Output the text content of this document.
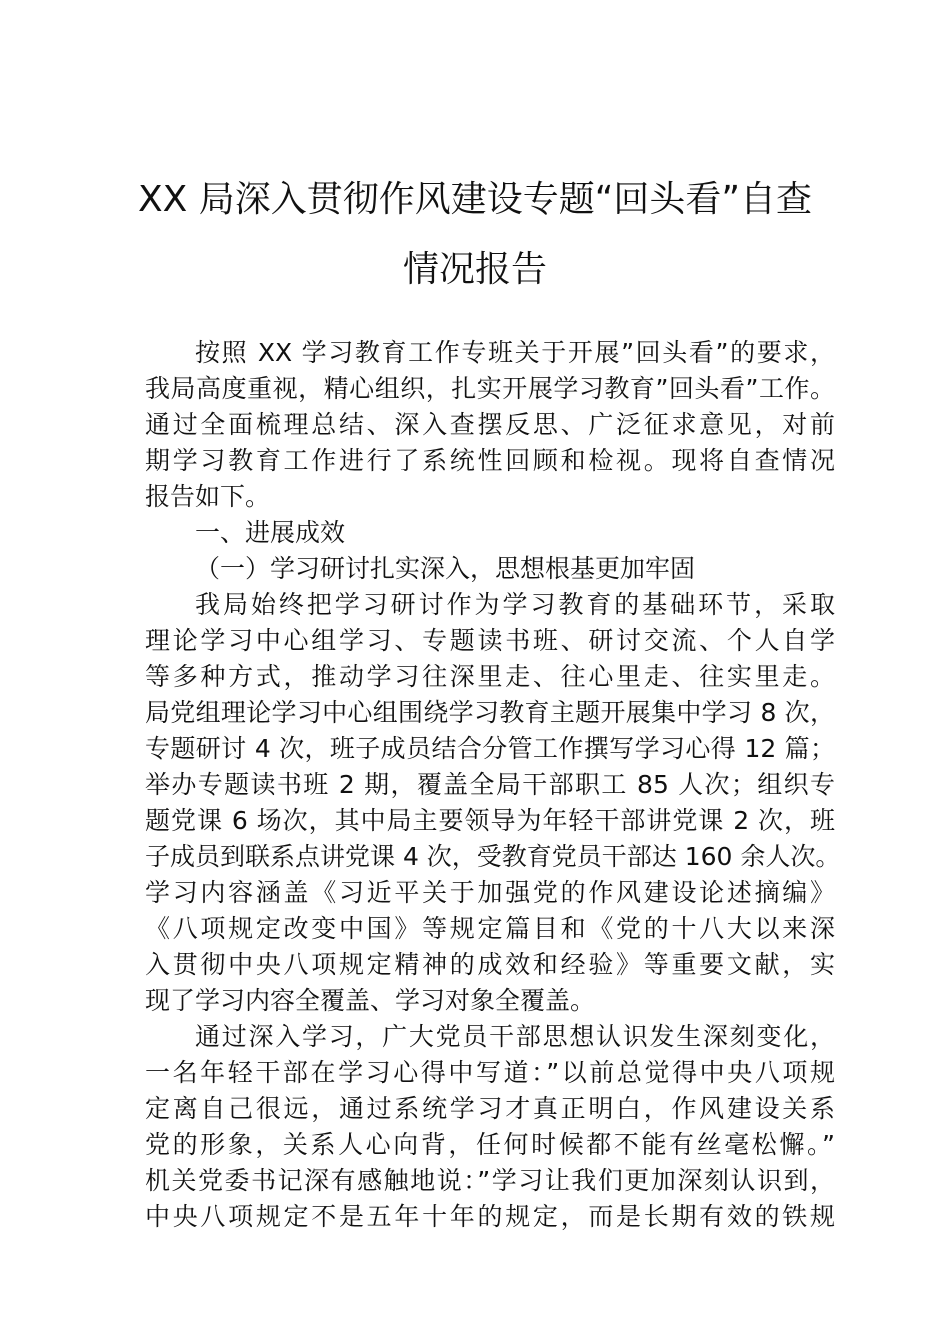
XX 局深入贯彻作风建设专题“回头看”自查
情况报告
按照 XX 学习教育工作专班关于开展”回头看”的要求，
我局高度重视，精心组织，扎实开展学习教育”回头看”工作。
通过全面梳理总结、深入查摆反思、广泛征求意见，对前
期学习教育工作进行了系统性回顾和检视。现将自查情况
报告如下。
一、进展成效
（一）学习研讨扎实深入，思想根基更加牢固
我局始终把学习研讨作为学习教育的基础环节，采取
理论学习中心组学习、专题读书班、研讨交流、个人自学
等多种方式，推动学习往深里走、往心里走、往实里走。
局党组理论学习中心组围绕学习教育主题开展集中学习 8 次，
专题研讨 4 次，班子成员结合分管工作撰写学习心得 12 篇；
举办专题读书班 2 期，覆盖全局干部职工 85 人次；组织专
题党课 6 场次，其中局主要领导为年轻干部讲党课 2 次，班
子成员到联系点讲党课 4 次，受教育党员干部达 160 余人次。
学习内容涵盖《习近平关于加强党的作风建设论述摘编》
《八项规定改变中国》等规定篇目和《党的十八大以来深
入贯彻中央八项规定精神的成效和经验》等重要文献，实
现了学习内容全覆盖、学习对象全覆盖。
通过深入学习，广大党员干部思想认识发生深刻变化，
一名年轻干部在学习心得中写道：”以前总觉得中央八项规
定离自己很远，通过系统学习才真正明白，作风建设关系
党的形象，关系人心向背，任何时候都不能有丝毫松懈。”
机关党委书记深有感触地说：”学习让我们更加深刻认识到，
中央八项规定不是五年十年的规定，而是长期有效的铁规
